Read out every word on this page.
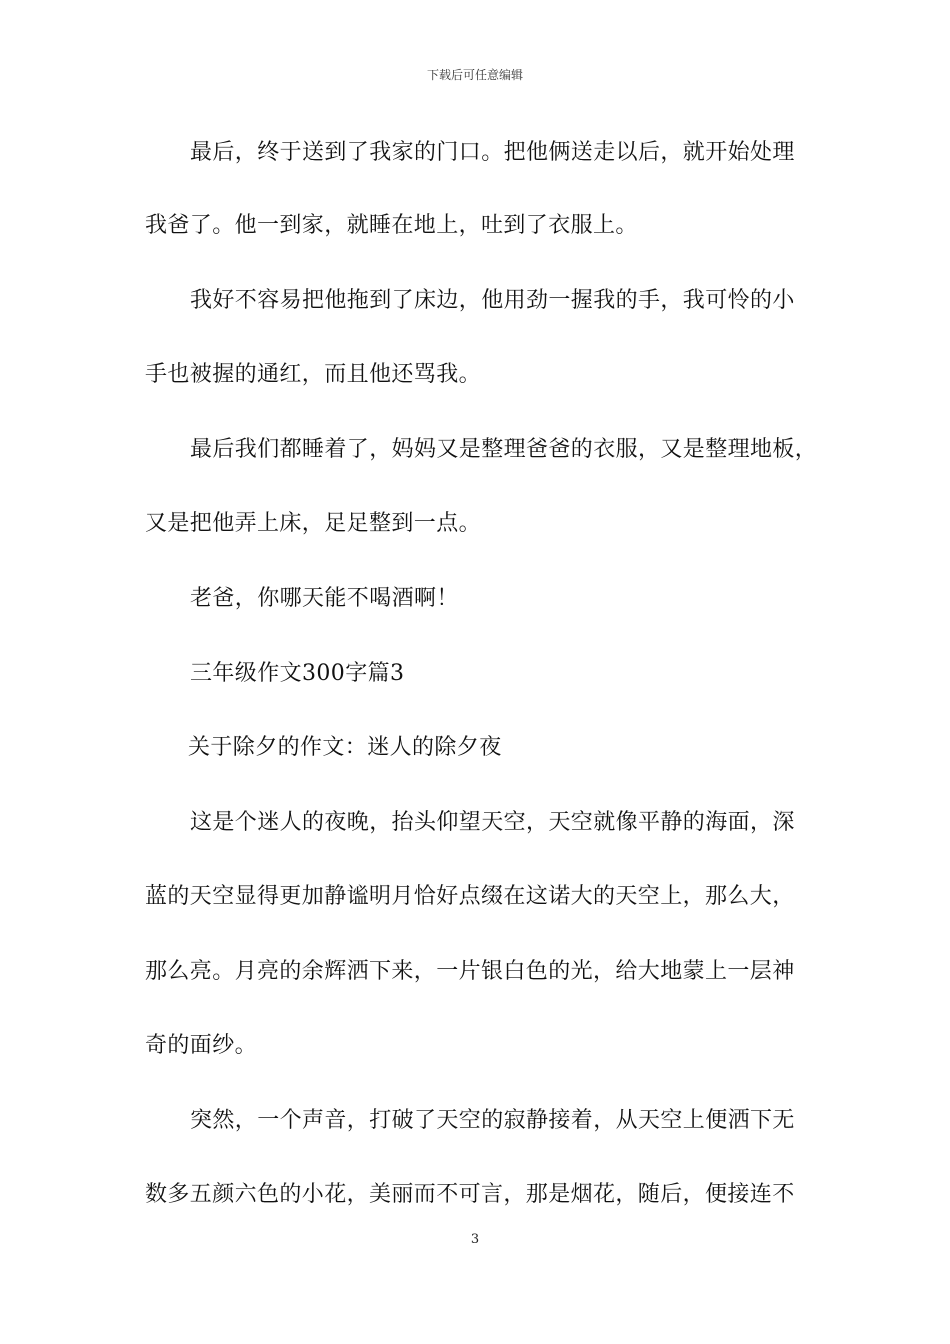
下载后可任意编辑
最后，终于送到了我家的门口。把他俩送走以后，就开始处理
我爸了。他一到家，就睡在地上，吐到了衣服上。
我好不容易把他拖到了床边，他用劲一握我的手，我可怜的小
手也被握的通红，而且他还骂我。
最后我们都睡着了，妈妈又是整理爸爸的衣服，又是整理地板，
又是把他弄上床，足足整到一点。
老爸，你哪天能不喝酒啊！
三年级作文300字篇3
关于除夕的作文：迷人的除夕夜
这是个迷人的夜晚，抬头仰望天空，天空就像平静的海面，深
蓝的天空显得更加静谧明月恰好点缀在这诺大的天空上，那么大，
那么亮。月亮的余辉洒下来，一片银白色的光，给大地蒙上一层神
奇的面纱。
突然，一个声音，打破了天空的寂静接着，从天空上便洒下无
数多五颜六色的小花，美丽而不可言，那是烟花，随后，便接连不
3
